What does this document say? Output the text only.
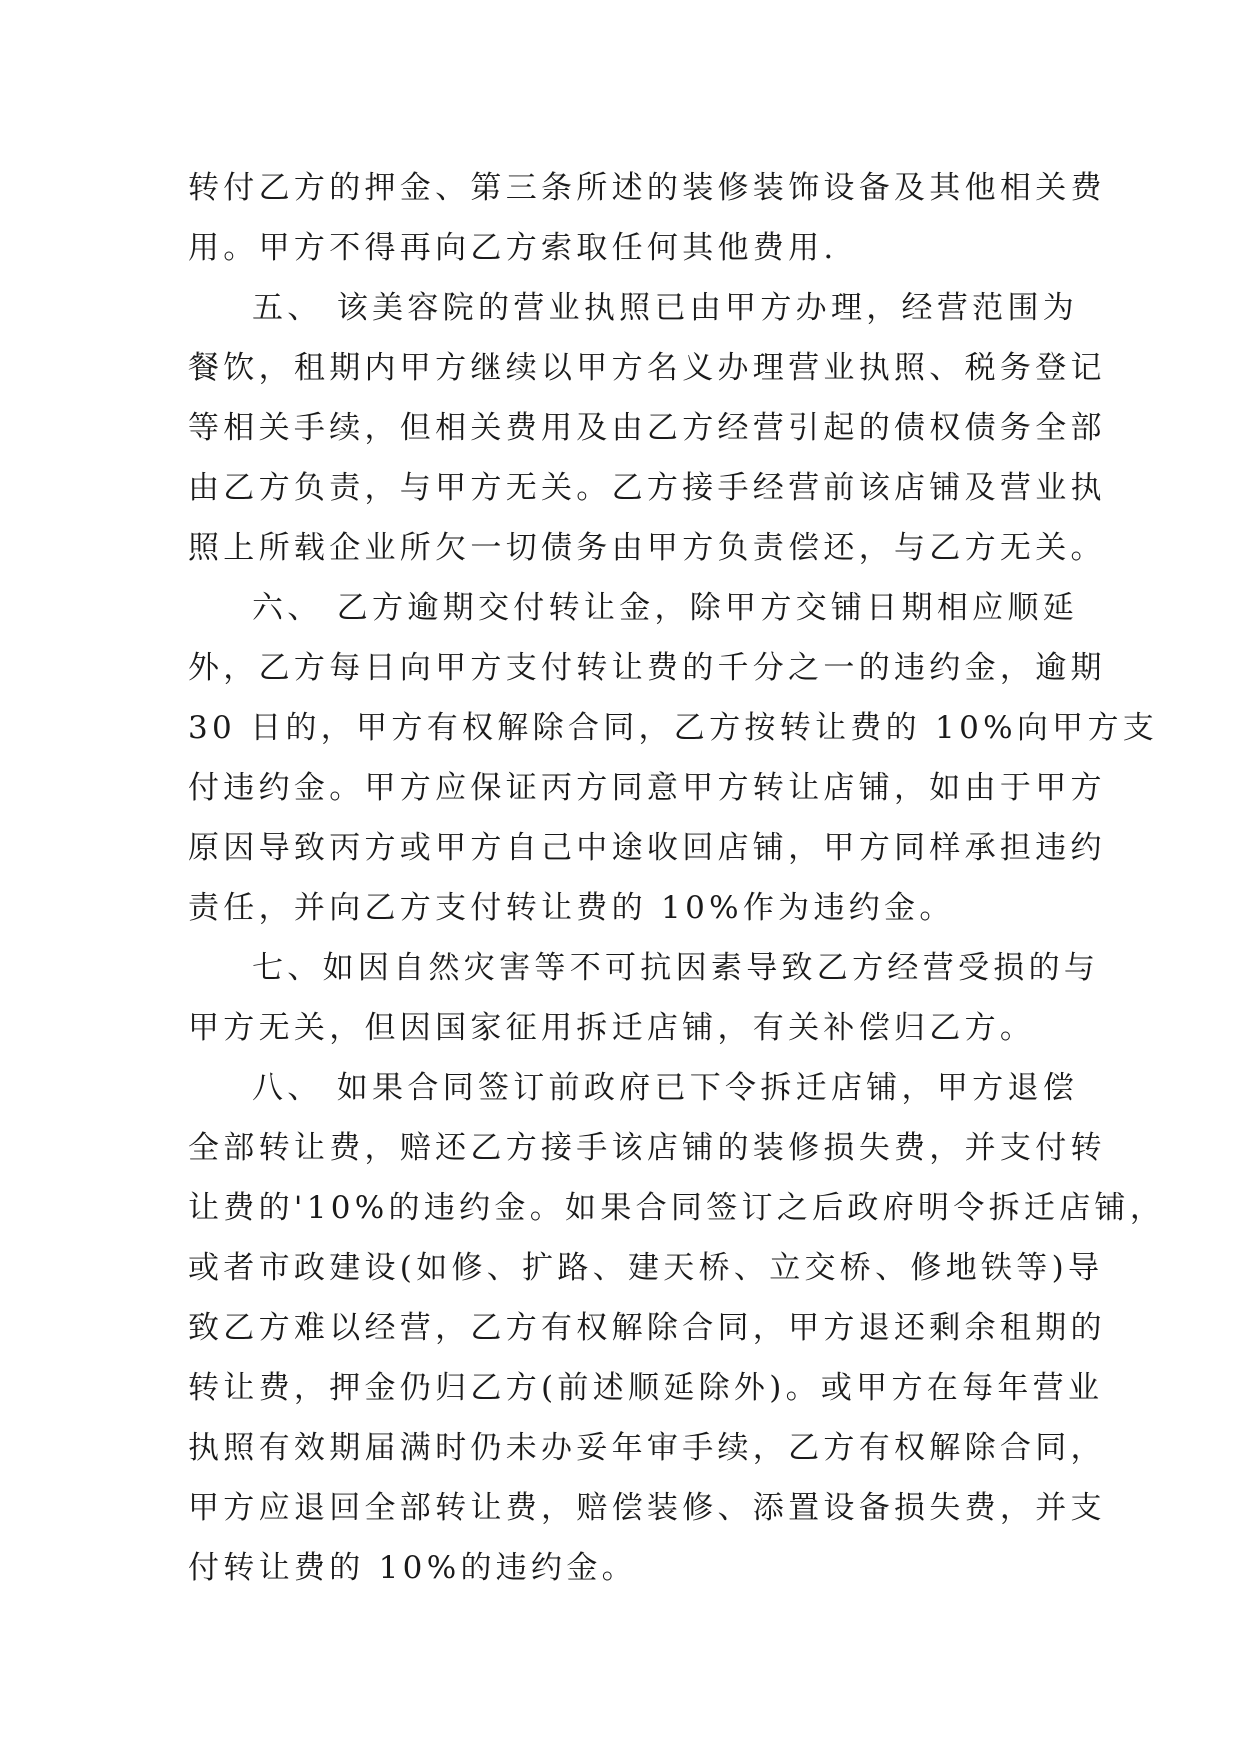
转付乙方的押金、第三条所述的装修装饰设备及其他相关费
用。甲方不得再向乙方索取任何其他费用.
五、 该美容院的营业执照已由甲方办理，经营范围为
餐饮，租期内甲方继续以甲方名义办理营业执照、税务登记
等相关手续，但相关费用及由乙方经营引起的债权债务全部
由乙方负责，与甲方无关。乙方接手经营前该店铺及营业执
照上所载企业所欠一切债务由甲方负责偿还，与乙方无关。
六、 乙方逾期交付转让金，除甲方交铺日期相应顺延
外，乙方每日向甲方支付转让费的千分之一的违约金，逾期
30 日的，甲方有权解除合同，乙方按转让费的 10%向甲方支
付违约金。甲方应保证丙方同意甲方转让店铺，如由于甲方
原因导致丙方或甲方自己中途收回店铺，甲方同样承担违约
责任，并向乙方支付转让费的 10%作为违约金。
七、如因自然灾害等不可抗因素导致乙方经营受损的与
甲方无关，但因国家征用拆迁店铺，有关补偿归乙方。
八、 如果合同签订前政府已下令拆迁店铺，甲方退偿
全部转让费，赔还乙方接手该店铺的装修损失费，并支付转
让费的'10%的违约金。如果合同签订之后政府明令拆迁店铺，
或者市政建设(如修、扩路、建天桥、立交桥、修地铁等)导
致乙方难以经营，乙方有权解除合同，甲方退还剩余租期的
转让费，押金仍归乙方(前述顺延除外)。或甲方在每年营业
执照有效期届满时仍未办妥年审手续，乙方有权解除合同，
甲方应退回全部转让费，赔偿装修、添置设备损失费，并支
付转让费的 10%的违约金。
